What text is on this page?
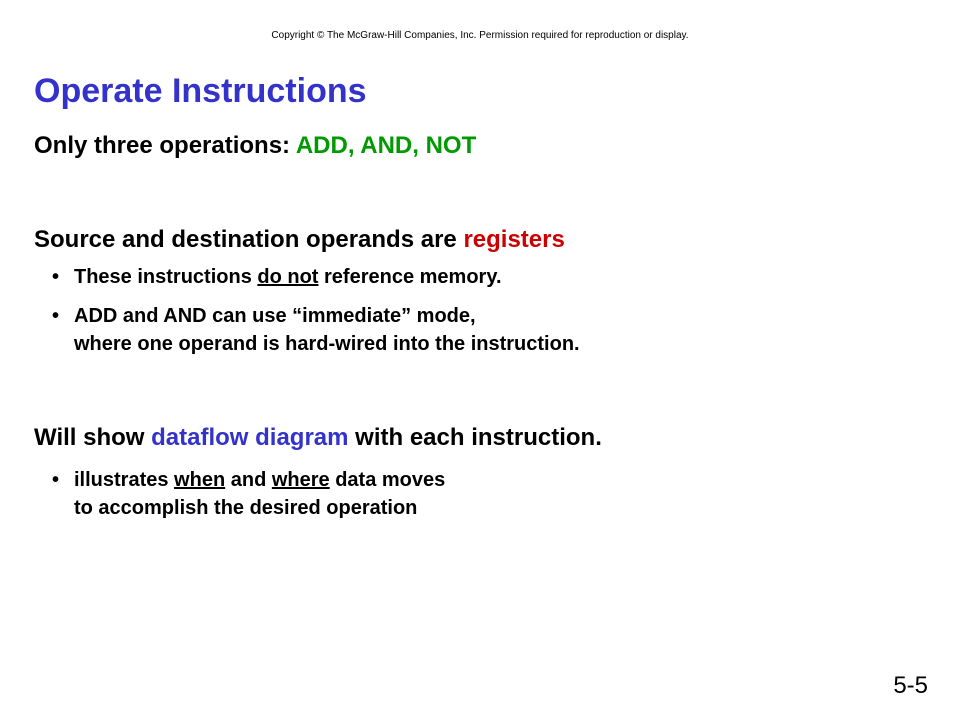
Copyright © The McGraw-Hill Companies, Inc. Permission required for reproduction or display.
Operate Instructions
Only three operations: ADD, AND, NOT
Source and destination operands are registers
• These instructions do not reference memory.
• ADD and AND can use “immediate” mode,
where one operand is hard-wired into the instruction.
Will show dataflow diagram with each instruction.
• illustrates when and where data moves
to accomplish the desired operation
5-5
